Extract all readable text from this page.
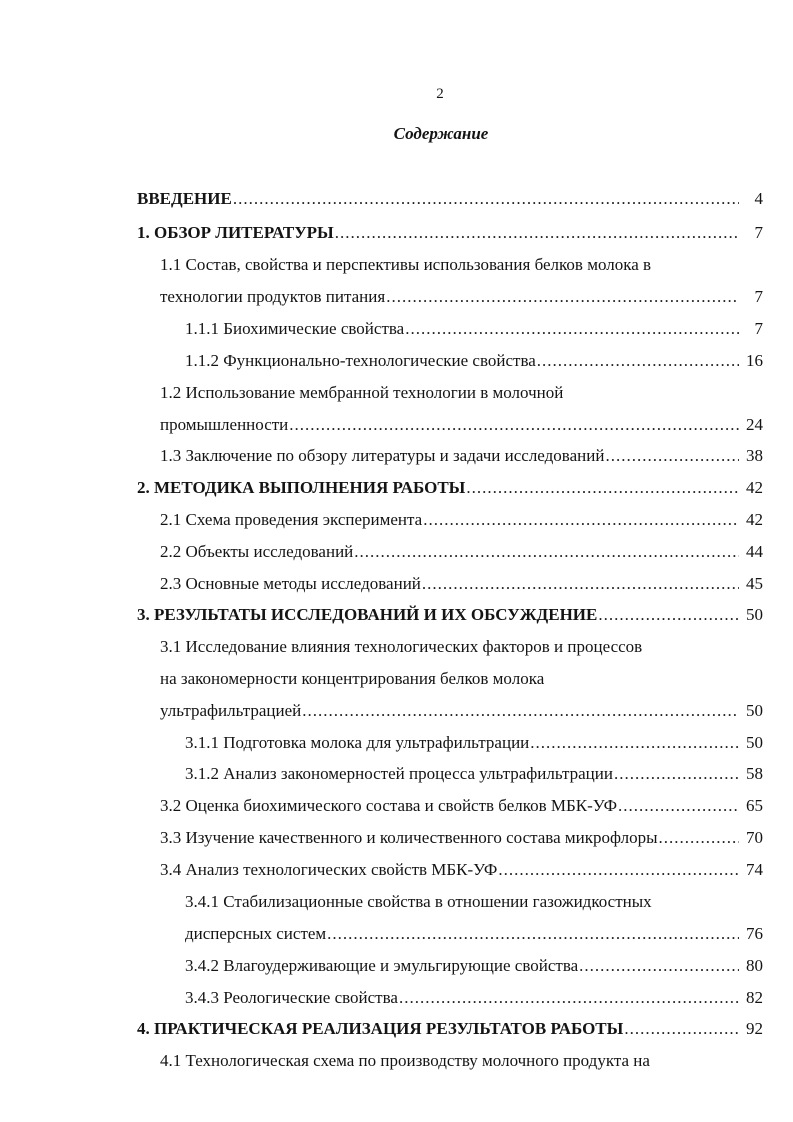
2
Содержание
ВВЕДЕНИЕ .....	4
1. ОБЗОР ЛИТЕРАТУРЫ .....	7
1.1 Состав, свойства и перспективы использования белков молока в
технологии продуктов питания .....	7
1.1.1 Биохимические свойства .....	7
1.1.2 Функционально-технологические свойства .....	16
1.2 Использование мембранной технологии в молочной
промышленности .....	24
1.3 Заключение по обзору литературы и задачи исследований .....	38
2. МЕТОДИКА ВЫПОЛНЕНИЯ РАБОТЫ .....	42
2.1 Схема проведения эксперимента .....	42
2.2 Объекты исследований .....	44
2.3 Основные методы исследований .....	45
3. РЕЗУЛЬТАТЫ ИССЛЕДОВАНИЙ И ИХ ОБСУЖДЕНИЕ .....	50
3.1 Исследование влияния технологических факторов и процессов
на закономерности концентрирования белков молока
ультрафильтрацией .....	50
3.1.1 Подготовка молока для ультрафильтрации .....	50
3.1.2 Анализ закономерностей процесса ультрафильтрации .....	58
3.2 Оценка биохимического состава и свойств белков МБК-УФ .....	65
3.3 Изучение качественного и количественного состава микрофлоры .....	70
3.4 Анализ технологических свойств МБК-УФ .....	74
3.4.1 Стабилизационные свойства в отношении газожидкостных
дисперсных систем .....	76
3.4.2 Влагоудерживающие и эмульгирующие свойства .....	80
3.4.3 Реологические свойства .....	82
4. ПРАКТИЧЕСКАЯ РЕАЛИЗАЦИЯ РЕЗУЛЬТАТОВ РАБОТЫ .....	92
4.1 Технологическая схема по производству молочного продукта на
